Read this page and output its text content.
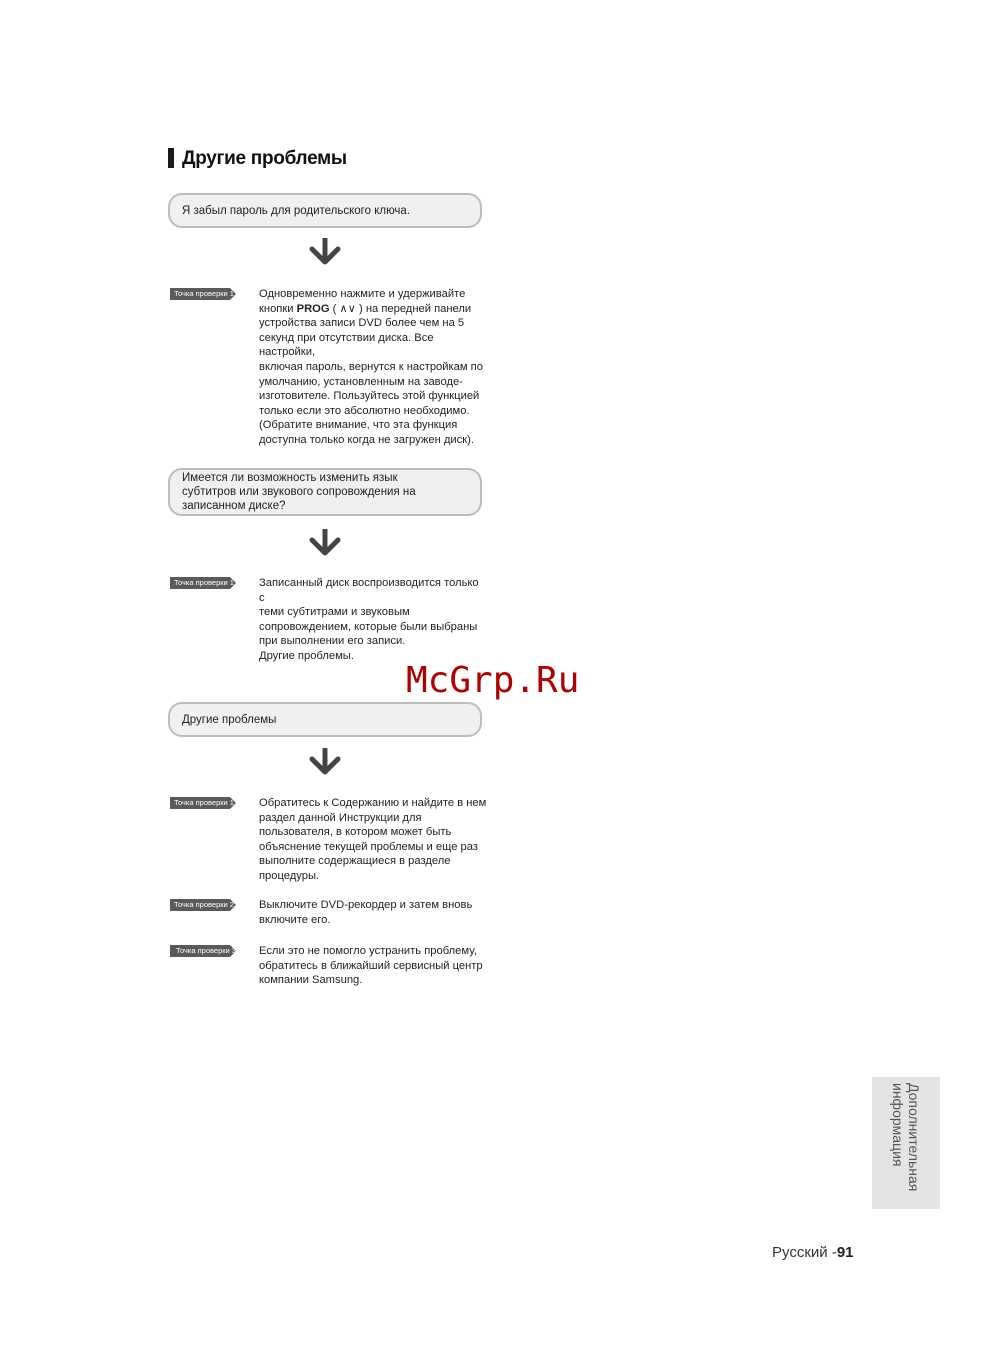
Другие проблемы
Я забыл пароль для родительского ключа.
Точка проверки 1 Одновременно нажмите и удерживайте
кнопки PROG ( ∧∨ ) на передней панели
устройства записи DVD более чем на 5
секунд при отсутствии диска. Все настройки,
включая пароль, вернутся к настройкам по
умолчанию, установленным на заводе-
изготовителе. Пользуйтесь этой функцией
только если это абсолютно необходимо.
(Обратите внимание, что эта функция
доступна только когда не загружен диск).
Имеется ли возможность изменить язык субтитров или звукового сопровождения на записанном диске?
Точка проверки 1 Записанный диск воспроизводится только с
теми субтитрами и звуковым
сопровождением, которые были выбраны
при выполнении его записи.
Другие проблемы.
McGrp.Ru
Другие проблемы
Точка проверки 1 Обратитесь к Содержанию и найдите в нем
раздел данной Инструкции для
пользователя, в котором может быть
объяснение текущей проблемы и еще раз
выполните содержащиеся в разделе
процедуры.
Точка проверки 2 Выключите DVD-рекордер и затем вновь
включите его.
Точка проверки 3 Если это не помогло устранить проблему,
обратитесь в ближайший сервисный центр
компании Samsung.
Дополнительная
информация
Русский -91
